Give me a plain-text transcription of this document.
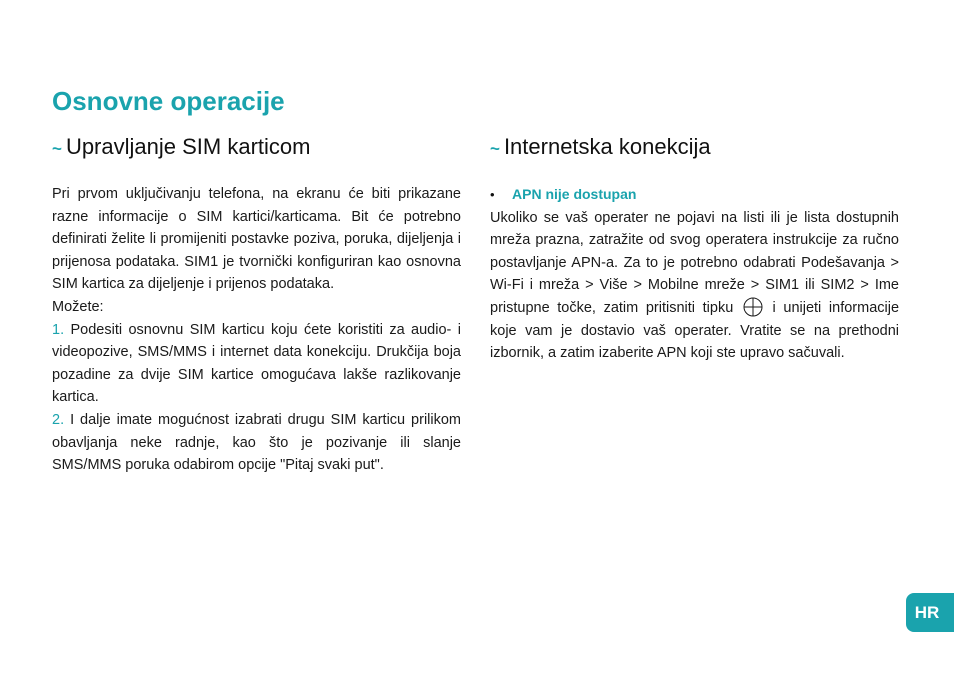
Osnovne operacije
~ Upravljanje SIM karticom	~ Internetska konekcija

Pri prvom uključivanju telefona, na ekranu će biti prikazane razne informacije o SIM kartici/karticama. Bit će potrebno definirati želite li promijeniti postavke poziva, poruka, dijeljenja i prijenosa podataka. SIM1 je tvornički konfiguriran kao osnovna SIM kartica za dijeljenje i prijenos podataka.

Možete:

1. Podesiti osnovnu SIM karticu koju ćete koristiti za audio- i videopozive, SMS/MMS i internet data konekciju. Drukčija boja pozadine za dvije SIM kartice omogućava lakše razlikovanje kartica.

2. I dalje imate mogućnost izabrati drugu SIM karticu prilikom obavljanja neke radnje, kao što je pozivanje ili slanje SMS/MMS poruka odabirom opcije "Pitaj svaki put".

•	APN nije dostupan

Ukoliko se vaš operater ne pojavi na listi ili je lista dostupnih mreža prazna, zatražite od svog operatera instrukcije za ručno postavljanje APN-a. Za to je potrebno odabrati Podešavanja > Wi-Fi i mreža > Više > Mobilne mreže > SIM1 ili SIM2 > Ime pristupne točke, zatim pritisniti tipku	i unijeti informacije koje vam je dostavio vaš operater. Vratite se na prethodni izbornik, a zatim izaberite APN koji ste upravo sačuvali.

HR
